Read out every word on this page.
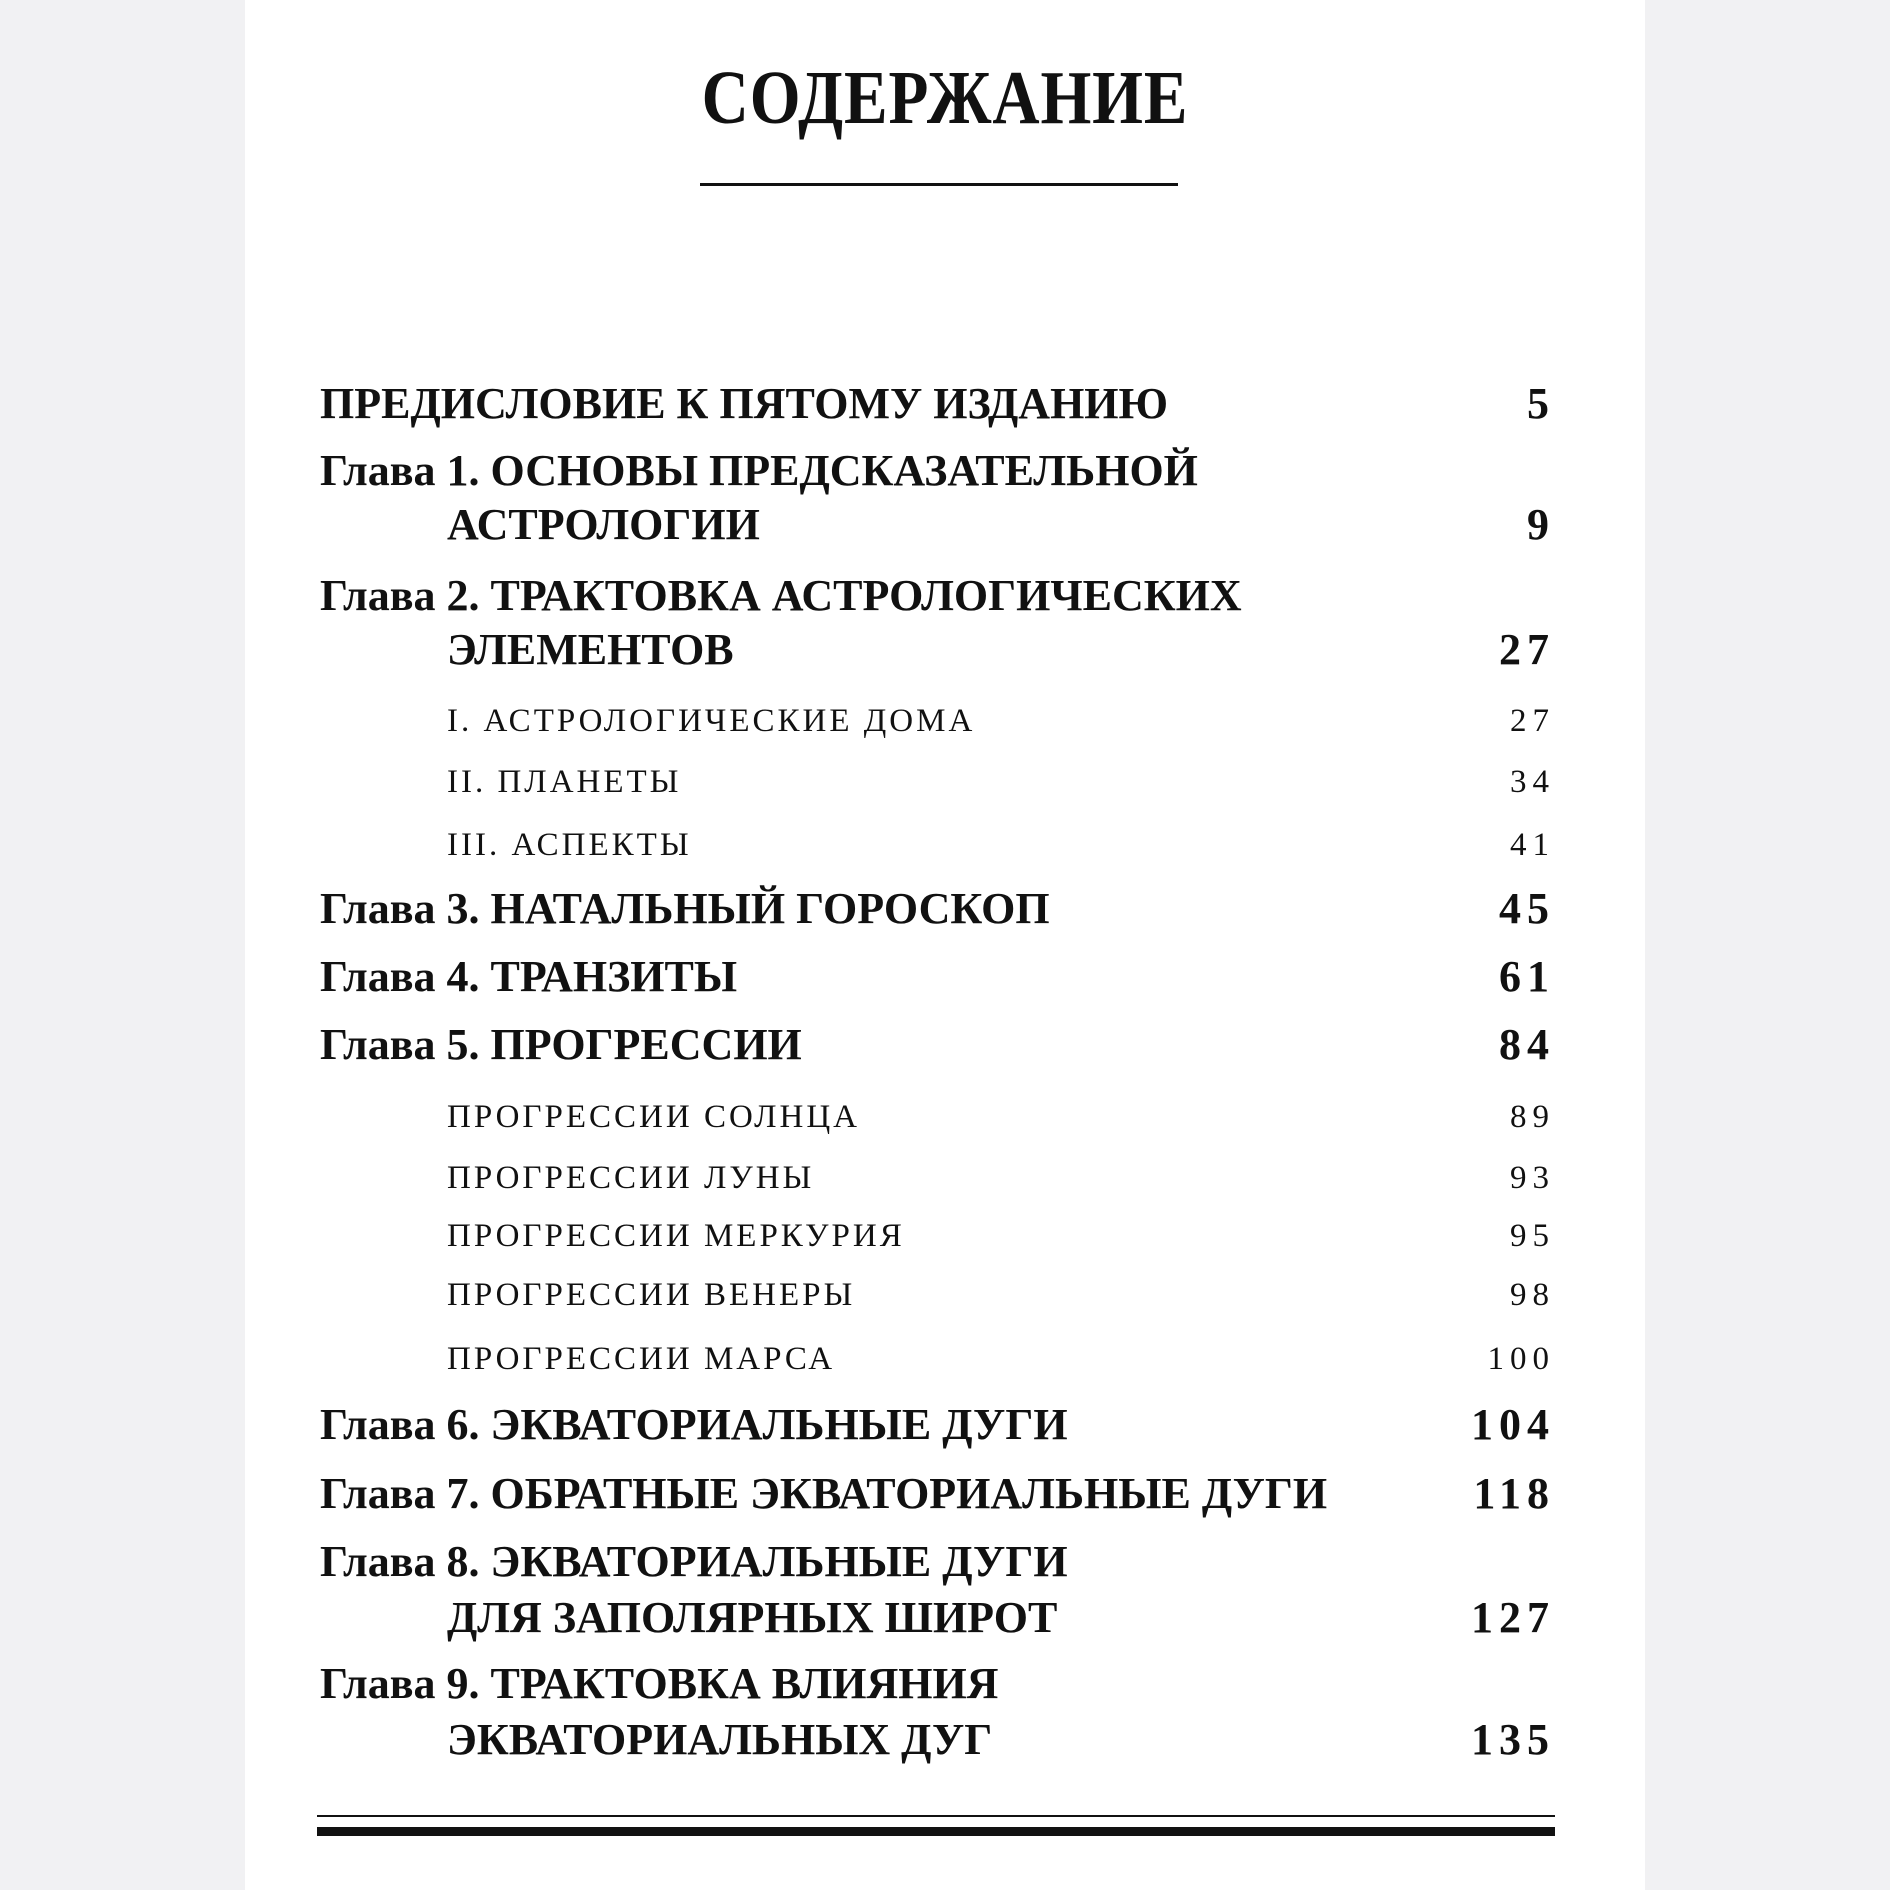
СОДЕРЖАНИЕ
ПРЕДИСЛОВИЕ К ПЯТОМУ ИЗДАНИЮ	5
Глава 1. ОСНОВЫ ПРЕДСКАЗАТЕЛЬНОЙ
АСТРОЛОГИИ	9
Глава 2. ТРАКТОВКА АСТРОЛОГИЧЕСКИХ
ЭЛЕМЕНТОВ	27
I. АСТРОЛОГИЧЕСКИЕ ДОМА	27
II. ПЛАНЕТЫ	34
III. АСПЕКТЫ	41
Глава 3. НАТАЛЬНЫЙ ГОРОСКОП	45
Глава 4. ТРАНЗИТЫ	61
Глава 5. ПРОГРЕССИИ	84
ПРОГРЕССИИ СОЛНЦА	89
ПРОГРЕССИИ ЛУНЫ	93
ПРОГРЕССИИ МЕРКУРИЯ	95
ПРОГРЕССИИ ВЕНЕРЫ	98
ПРОГРЕССИИ МАРСА	100
Глава 6. ЭКВАТОРИАЛЬНЫЕ ДУГИ	104
Глава 7. ОБРАТНЫЕ ЭКВАТОРИАЛЬНЫЕ ДУГИ	118
Глава 8. ЭКВАТОРИАЛЬНЫЕ ДУГИ
ДЛЯ ЗАПОЛЯРНЫХ ШИРОТ	127
Глава 9. ТРАКТОВКА ВЛИЯНИЯ
ЭКВАТОРИАЛЬНЫХ ДУГ	135
